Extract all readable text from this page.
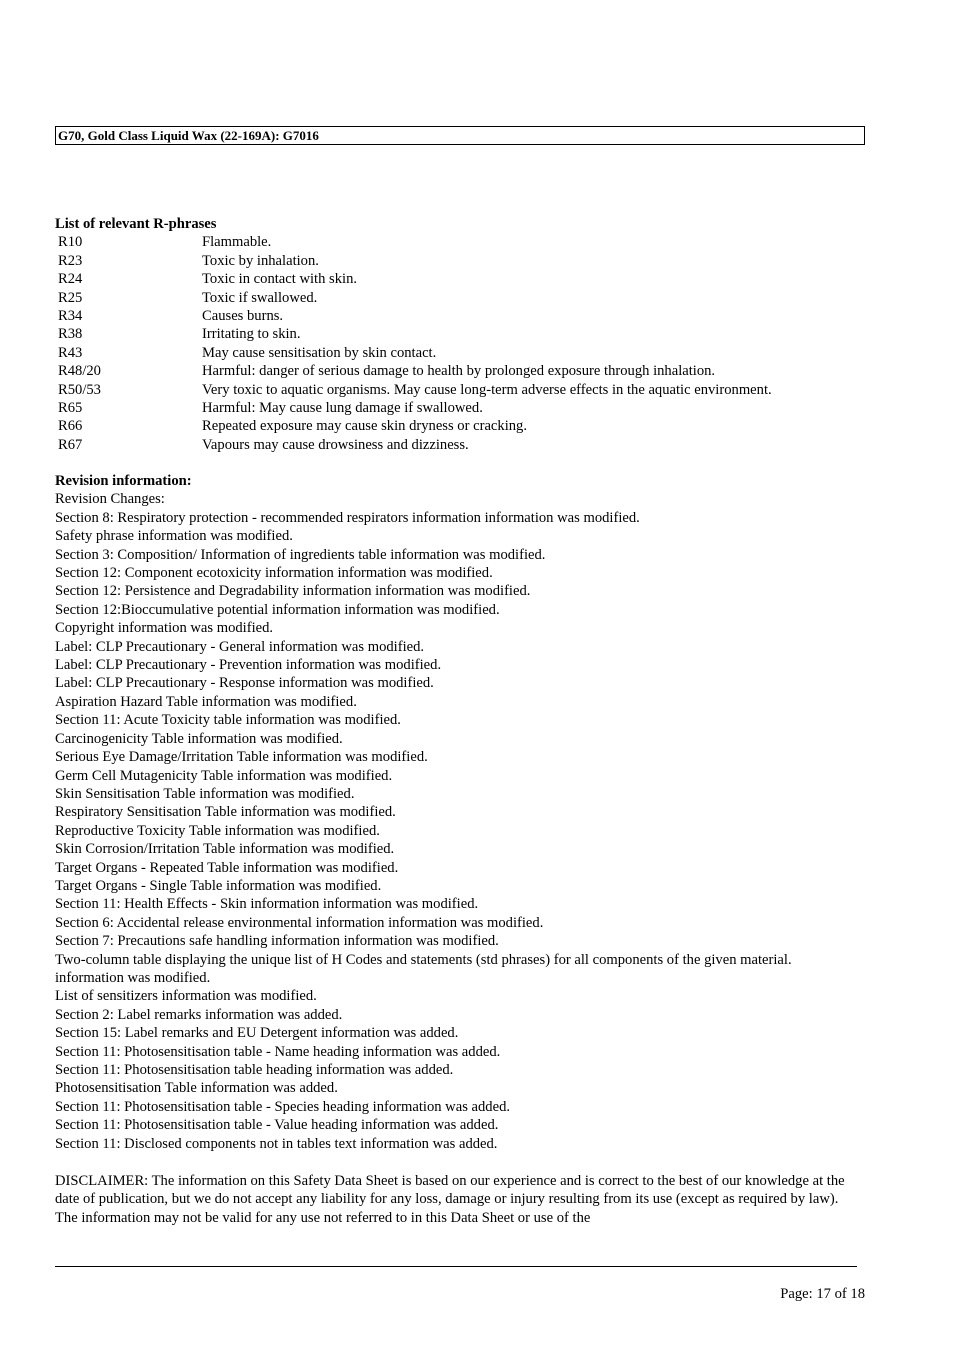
G70, Gold Class Liquid Wax (22-169A): G7016
List of relevant R-phrases
R10	Flammable.
R23	Toxic by inhalation.
R24	Toxic in contact with skin.
R25	Toxic if swallowed.
R34	Causes burns.
R38	Irritating to skin.
R43	May cause sensitisation by skin contact.
R48/20	Harmful: danger of serious damage to health by prolonged exposure through inhalation.
R50/53	Very toxic to aquatic organisms. May cause long-term adverse effects in the aquatic environment.
R65	Harmful: May cause lung damage if swallowed.
R66	Repeated exposure may cause skin dryness or cracking.
R67	Vapours may cause drowsiness and dizziness.
Revision information:
Revision Changes:
Section 8: Respiratory protection - recommended respirators information information was modified.
Safety phrase information was modified.
Section 3: Composition/ Information of ingredients table information was modified.
Section 12: Component ecotoxicity information information was modified.
Section 12: Persistence and Degradability information information was modified.
Section 12:Bioccumulative potential information information was modified.
Copyright information was modified.
Label: CLP Precautionary - General information was modified.
Label: CLP Precautionary - Prevention information was modified.
Label: CLP Precautionary - Response information was modified.
Aspiration Hazard Table information was modified.
Section 11: Acute Toxicity table information was modified.
Carcinogenicity Table information was modified.
Serious Eye Damage/Irritation Table information was modified.
Germ Cell Mutagenicity Table information was modified.
Skin Sensitisation Table information was modified.
Respiratory Sensitisation Table information was modified.
Reproductive Toxicity Table information was modified.
Skin Corrosion/Irritation Table information was modified.
Target Organs - Repeated Table information was modified.
Target Organs - Single Table information was modified.
Section 11: Health Effects - Skin information information was modified.
Section 6: Accidental release environmental information information was modified.
Section 7: Precautions safe handling information information was modified.
Two-column table displaying the unique list of H Codes and statements (std phrases) for all components of the given material. information was modified.
List of sensitizers information was modified.
Section 2: Label remarks information was added.
Section 15: Label remarks and EU Detergent information was added.
Section 11: Photosensitisation table - Name heading information was added.
Section 11: Photosensitisation table heading information was added.
Photosensitisation Table information was added.
Section 11: Photosensitisation table - Species heading information was added.
Section 11: Photosensitisation table - Value heading information was added.
Section 11: Disclosed components not in tables text information was added.
DISCLAIMER: The information on this Safety Data Sheet is based on our experience and is correct to the best of our knowledge at the date of publication, but we do not accept any liability for any loss, damage or injury resulting from its use (except as required by law). The information may not be valid for any use not referred to in this Data Sheet or use of the
Page: 17 of 18
